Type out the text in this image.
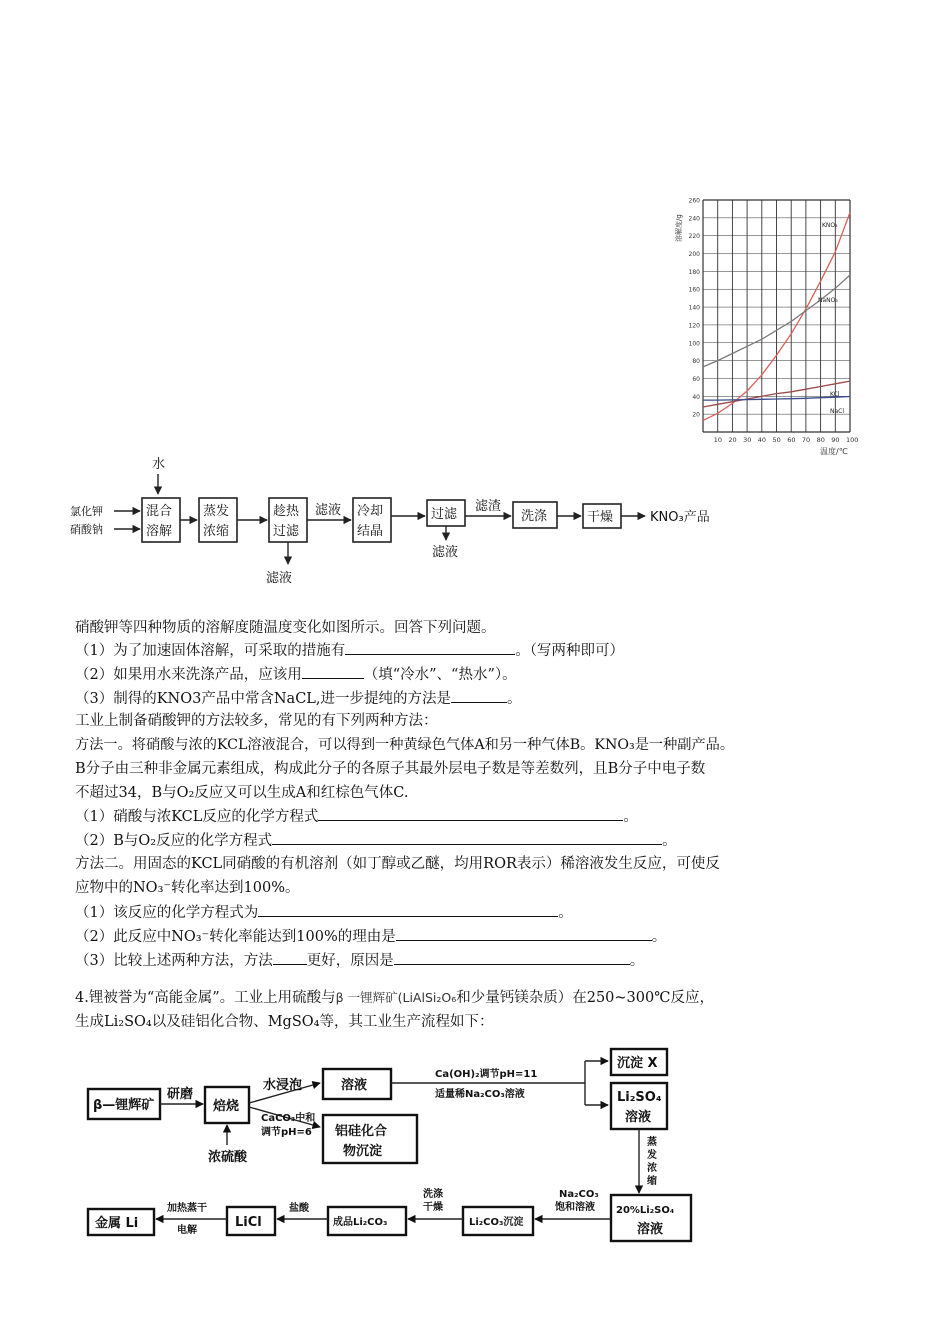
KNO₃
NaNO₃
KCl
NaCl
10 20 30 40 50 60 70 80 90 100
20
40
60
80
100
120
140
160
180
200
220
240
260
溶解度/g
温度/℃
水
氯化钾
硝酸钠
混合
溶解
蒸发
浓缩
趁热
过滤
滤液
滤液 冷却
结晶
过滤
滤液
滤渣
洗涤	干燥	KNO₃产品
硝酸钾等四种物质的溶解度随温度变化如图所示。回答下列问题。
（1）为了加速固体溶解，可采取的措施有	。（写两种即可）
（2）如果用水来洗涤产品，应该用	（填“冷水”、“热水”）。
（3）制得的KNO3产品中常含NaCL,进一步提纯的方法是	。
工业上制备硝酸钾的方法较多，常见的有下列两种方法：
方法一。将硝酸与浓的KCL溶液混合，可以得到一种黄绿色气体A和另一种气体B。KNO₃是一种副产品。
B分子由三种非金属元素组成，构成此分子的各原子其最外层电子数是等差数列，且B分子中电子数
不超过34，B与O₂反应又可以生成A和红棕色气体C.
（1）硝酸与浓KCL反应的化学方程式	。
（2）B与O₂反应的化学方程式	。
方法二。用固态的KCL同硝酸的有机溶剂（如丁醇或乙醚，均用ROR表示）稀溶液发生反应，可使反
应物中的NO₃⁻转化率达到100%。
（1）该反应的化学方程式为	。
（2）此反应中NO₃⁻转化率能达到100%的理由是	。
（3）比较上述两种方法，方法 更好，原因是	。
4.锂被誉为“高能金属”。工业上用硫酸与β 一锂辉矿(LiAlSi₂O₆和少量钙镁杂质）在250~300℃反应，
生成Li₂SO₄以及硅铝化合物、MgSO₄等，其工业生产流程如下：
β—锂辉矿
研磨
焙烧
浓硫酸
水浸泡
CaCO₃中和
调节pH=6
溶液
铝硅化合
物沉淀
Ca(OH)₂调节pH=11
适量稀Na₂CO₃溶液
沉淀 X
Li₂SO₄
溶液
蒸
发
浓
缩
20%Li₂SO₄
溶液
Na₂CO₃
饱和溶液
Li₂CO₃沉淀
洗涤
干燥
成品Li₂CO₃
盐酸
LiCl
加热蒸干
电解
金属 Li
